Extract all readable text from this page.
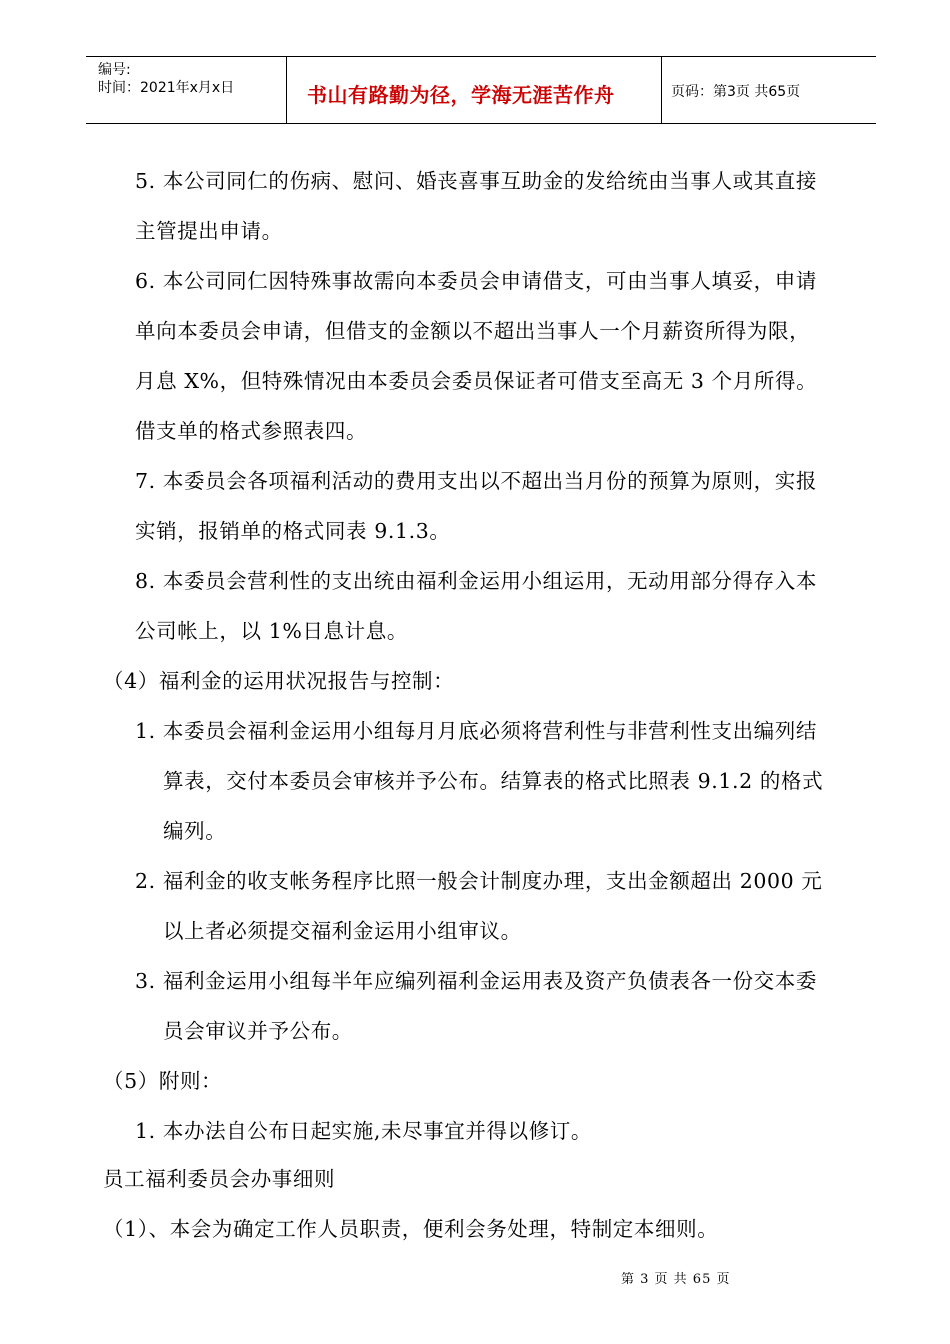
编号:
时间：2021年x月x日	书山有路勤为径，学海无涯苦作舟	页码：第3页 共65页
5. 本公司同仁的伤病、慰问、婚丧喜事互助金的发给统由当事人或其直接
主管提出申请。
6. 本公司同仁因特殊事故需向本委员会申请借支，可由当事人填妥，申请
单向本委员会申请，但借支的金额以不超出当事人一个月薪资所得为限，
月息 X%，但特殊情况由本委员会委员保证者可借支至高无 3 个月所得。
借支单的格式参照表四。
7. 本委员会各项福利活动的费用支出以不超出当月份的预算为原则，实报
实销，报销单的格式同表 9.1.3。
8. 本委员会营利性的支出统由福利金运用小组运用，无动用部分得存入本
公司帐上，以 1%日息计息。
（4）福利金的运用状况报告与控制：
1. 本委员会福利金运用小组每月月底必须将营利性与非营利性支出编列结
算表，交付本委员会审核并予公布。结算表的格式比照表 9.1.2 的格式
编列。
2. 福利金的收支帐务程序比照一般会计制度办理，支出金额超出 2000 元
以上者必须提交福利金运用小组审议。
3. 福利金运用小组每半年应编列福利金运用表及资产负债表各一份交本委
员会审议并予公布。
（5）附则：
1. 本办法自公布日起实施,未尽事宜并得以修订。
员工福利委员会办事细则
（1）、本会为确定工作人员职责，便利会务处理，特制定本细则。
第 3 页 共 65 页
